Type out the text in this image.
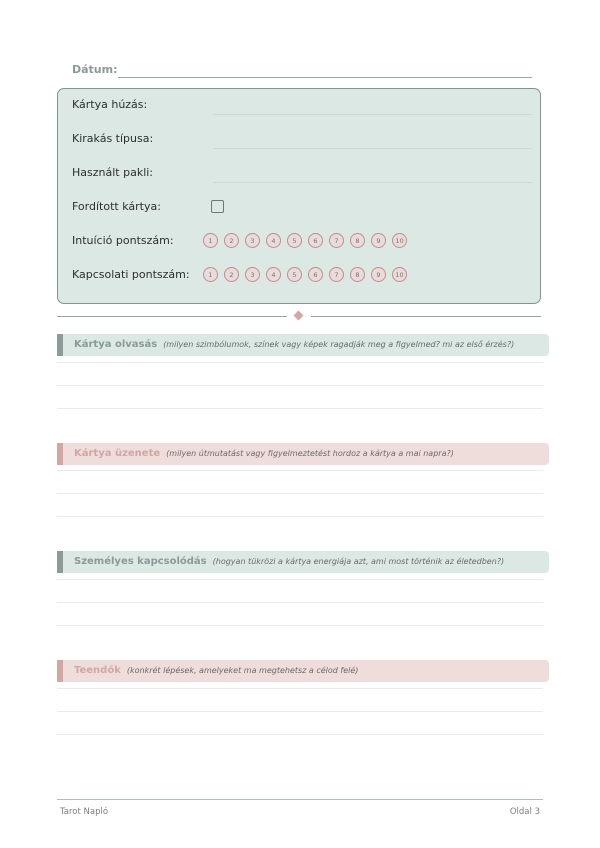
Dátum:
Kártya húzás:
Kirakás típusa:
Használt pakli:
Fordított kártya:
Intuíció pontszám:	1	2	3	4	5	6	7	8	9	10
Kapcsolati pontszám:	1	2	3	4	5	6	7	8	9	10
Kártya olvasás (milyen szimbólumok, színek vagy képek ragadják meg a figyelmed? mi az első érzés?)
Kártya üzenete (milyen útmutatást vagy figyelmeztetést hordoz a kártya a mai napra?)
Személyes kapcsolódás (hogyan tükrözi a kártya energiája azt, ami most történik az életedben?)
Teendők (konkrét lépések, amelyeket ma megtehetsz a célod felé)
Tarot Napló	Oldal 3
